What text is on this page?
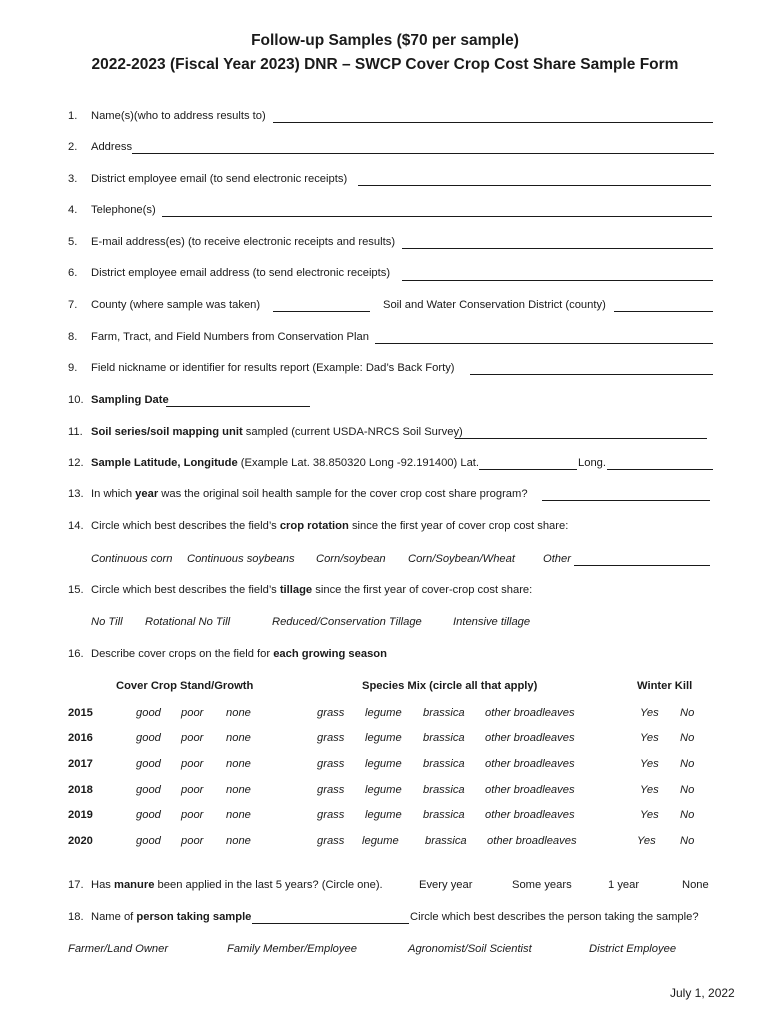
Follow-up Samples ($70 per sample)
2022-2023 (Fiscal Year 2023) DNR – SWCP Cover Crop Cost Share Sample Form
1. Name(s)(who to address results to)
2. Address
3. District employee email (to send electronic receipts)
4. Telephone(s)
5. E-mail address(es) (to receive electronic receipts and results)
6. District employee email address (to send electronic receipts)
7. County (where sample was taken)	Soil and Water Conservation District (county)
8. Farm, Tract, and Field Numbers from Conservation Plan
9. Field nickname or identifier for results report (Example: Dad’s Back Forty)
10. Sampling Date
11. Soil series/soil mapping unit sampled (current USDA-NRCS Soil Survey)
12. Sample Latitude, Longitude (Example Lat. 38.850320 Long -92.191400) Lat.	Long.
13. In which year was the original soil health sample for the cover crop cost share program?
14. Circle which best describes the field’s crop rotation since the first year of cover crop cost share:
Continuous corn Continuous soybeans Corn/soybean Corn/Soybean/Wheat	Other
15. Circle which best describes the field’s tillage since the first year of cover-crop cost share:
No Till Rotational No Till	Reduced/Conservation Tillage	Intensive tillage
16. Describe cover crops on the field for each growing season
Cover Crop Stand/Growth	Species Mix (circle all that apply)	Winter Kill
2015	good poor none	grass legume brassica other broadleaves	Yes No
2016	good poor none	grass legume brassica other broadleaves	Yes No
2017	good poor none	grass legume brassica other broadleaves	Yes No
2018	good poor none	grass legume brassica other broadleaves	Yes No
2019	good poor none	grass legume brassica other broadleaves	Yes No
2020	good poor none	grass legume brassica other broadleaves	Yes No
17. Has manure been applied in the last 5 years? (Circle one).	Every year	Some years	1 year	None
18. Name of person taking sample	Circle which best describes the person taking the sample?
Farmer/Land Owner	Family Member/Employee	Agronomist/Soil Scientist	District Employee
July 1, 2022
